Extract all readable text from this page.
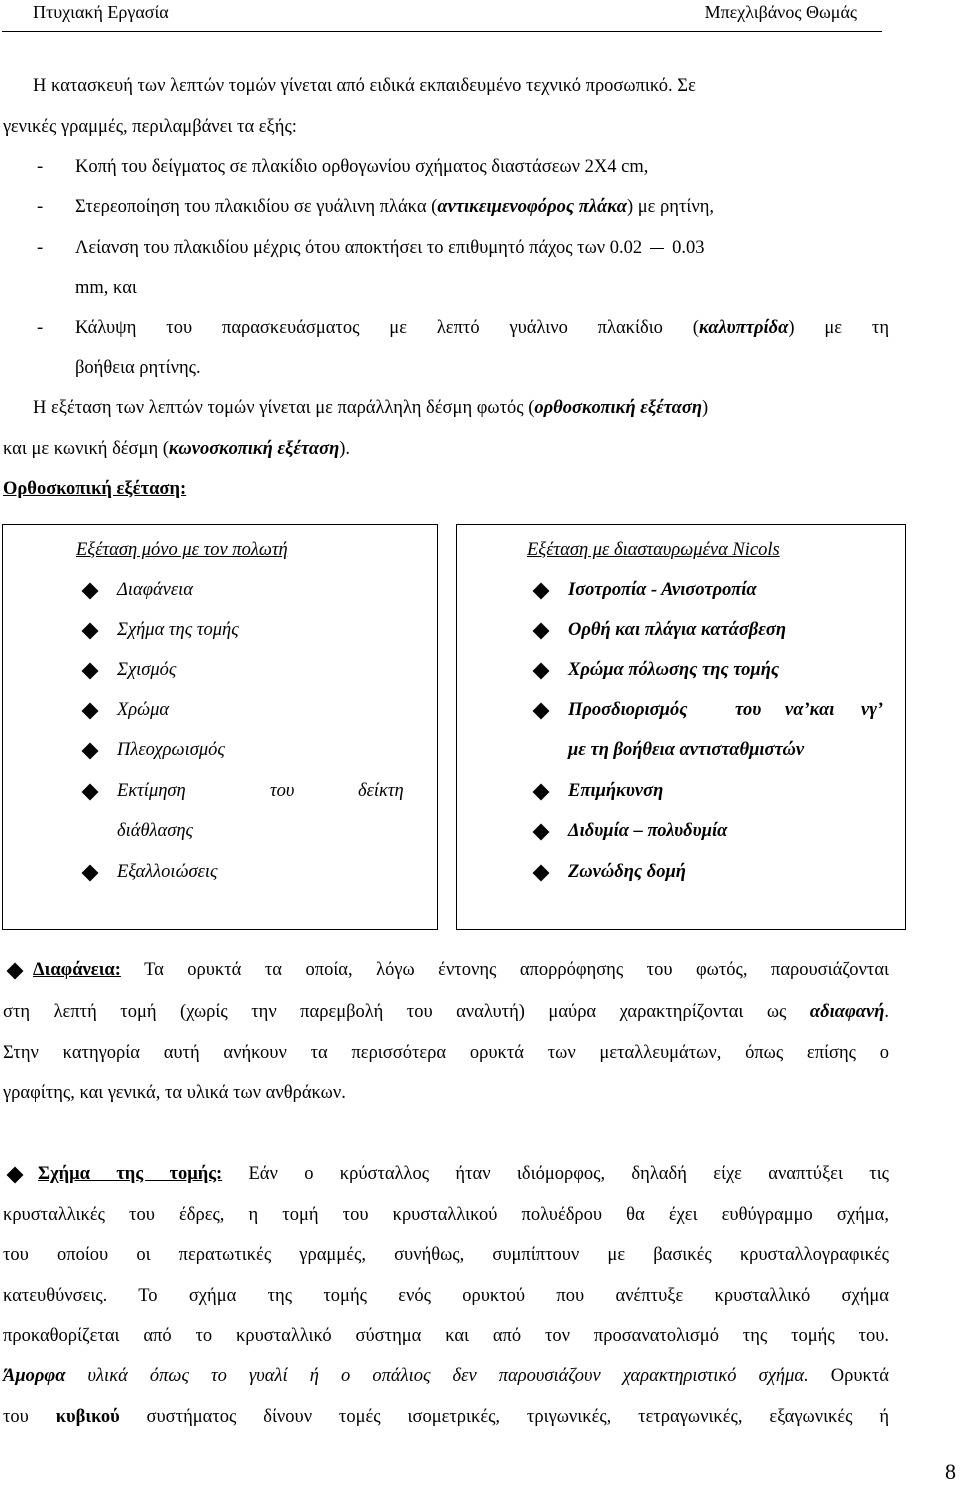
Πτυχιακή Εργασία	Μπεχλιβάνος Θωμάς
Η κατασκευή των λεπτών τομών γίνεται από ειδικά εκπαιδευμένο τεχνικό προσωπικό. Σε
γενικές γραμμές, περιλαμβάνει τα εξής:
- Κοπή του δείγματος σε πλακίδιο ορθογωνίου σχήματος διαστάσεων 2Χ4 cm,
- Στερεοποίηση του πλακιδίου σε γυάλινη πλάκα (αντικειμενοφόρος πλάκα) με ρητίνη,
- Λείανση του πλακιδίου μέχρις ότου αποκτήσει το επιθυμητό πάχος των 0.02 0.03
mm, και
- Κάλυψη του παρασκευάσματος με λεπτό γυάλινο πλακίδιο (καλυπτρίδα) με τη
βοήθεια ρητίνης.
Η εξέταση των λεπτών τομών γίνεται με παράλληλη δέσμη φωτός (ορθοσκοπική εξέταση)
και με κωνική δέσμη (κωνοσκοπική εξέταση).
Ορθοσκοπική εξέταση:
Εξέταση μόνο με τον πολωτή
Διαφάνεια
Σχήμα της τομής
Σχισμός
Χρώμα
Πλεοχρωισμός
Εκτίμηση	του	δείκτη
διάθλασης
Εξαλλοιώσεις
Εξέταση με διασταυρωμένα Nicols
Ισοτροπία - Ανισοτροπία
Ορθή και πλάγια κατάσβεση
Χρώμα πόλωσης της τομής
Προσδιορισμός	του να’και νγ’
με τη βοήθεια αντισταθμιστών
Επιμήκυνση
Διδυμία – πολυδυμία
Ζωνώδης δομή
Διαφάνεια: Τα ορυκτά τα οποία, λόγω έντονης απορρόφησης του φωτός, παρουσιάζονται
στη λεπτή τομή (χωρίς την παρεμβολή του αναλυτή) μαύρα χαρακτηρίζονται ως αδιαφανή.
Στην κατηγορία αυτή ανήκουν τα περισσότερα ορυκτά των μεταλλευμάτων, όπως επίσης ο
γραφίτης, και γενικά, τα υλικά των ανθράκων.
Σχήμα της τομής: Εάν ο κρύσταλλος ήταν ιδιόμορφος, δηλαδή είχε αναπτύξει τις
κρυσταλλικές του έδρες, η τομή του κρυσταλλικού πολυέδρου θα έχει ευθύγραμμο σχήμα,
του οποίου οι περατωτικές γραμμές, συνήθως, συμπίπτουν με βασικές κρυσταλλογραφικές
κατευθύνσεις. Το σχήμα της τομής ενός ορυκτού που ανέπτυξε κρυσταλλικό σχήμα
προκαθορίζεται από το κρυσταλλικό σύστημα και από τον προσανατολισμό της τομής του.
Άμορφα υλικά όπως το γυαλί ή ο οπάλιος δεν παρουσιάζουν χαρακτηριστικό σχήμα. Ορυκτά
του κυβικού συστήματος δίνουν τομές ισομετρικές, τριγωνικές, τετραγωνικές, εξαγωνικές ή
8
